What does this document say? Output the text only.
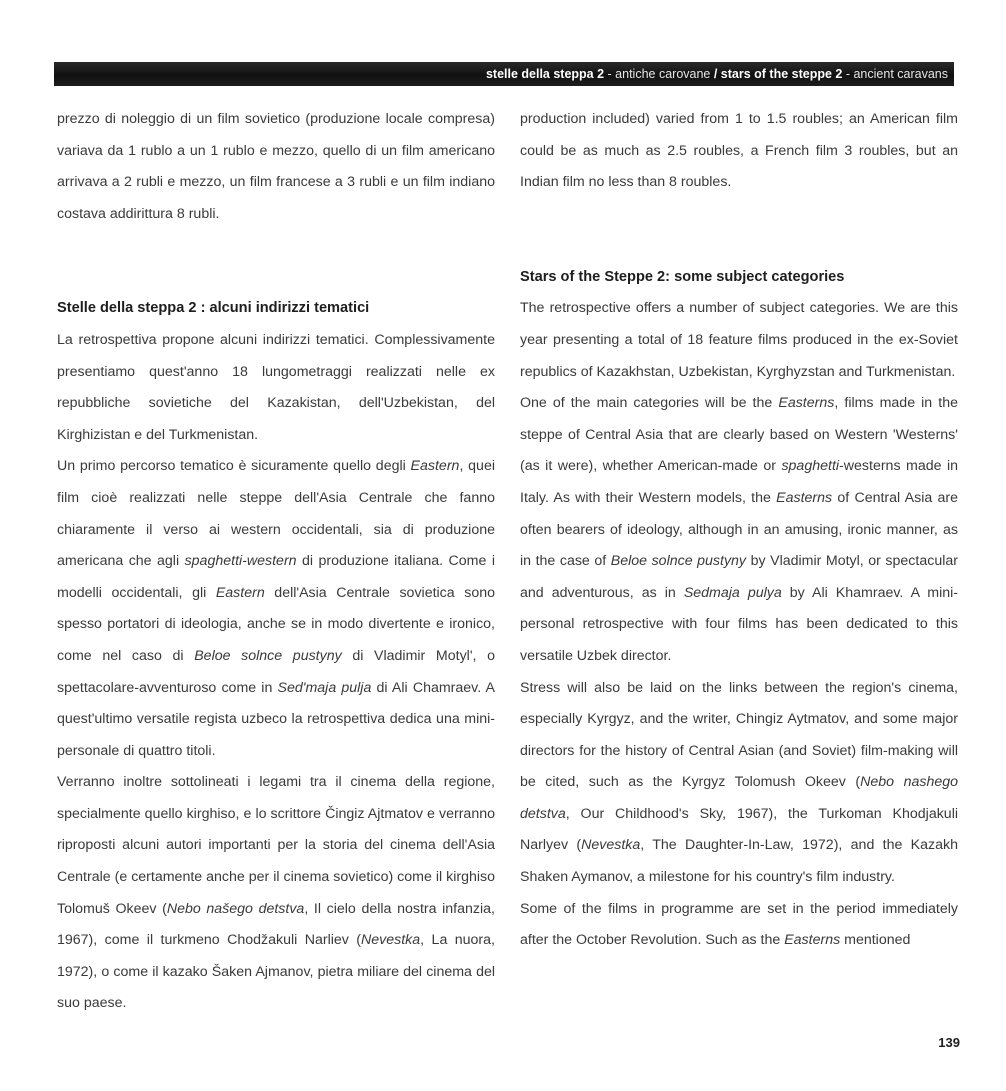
stelle della steppa 2 - antiche carovane / stars of the steppe 2 - ancient caravans

prezzo di noleggio di un film sovietico (produzione locale compresa) variava da 1 rublo a un 1 rublo e mezzo, quello di un film americano arrivava a 2 rubli e mezzo, un film francese a 3 rubli e un film indiano costava addirittura 8 rubli.

Stelle della steppa 2 : alcuni indirizzi tematici

La retrospettiva propone alcuni indirizzi tematici. Complessivamente presentiamo quest'anno 18 lungometraggi realizzati nelle ex repubbliche sovietiche del Kazakistan, dell'Uzbekistan, del Kirghizistan e del Turkmenistan.

Un primo percorso tematico è sicuramente quello degli Eastern, quei film cioè realizzati nelle steppe dell'Asia Centrale che fanno chiaramente il verso ai western occidentali, sia di produzione americana che agli spaghetti-western di produzione italiana. Come i modelli occidentali, gli Eastern dell'Asia Centrale sovietica sono spesso portatori di ideologia, anche se in modo divertente e ironico, come nel caso di Beloe solnce pustyny di Vladimir Motyl', o spettacolare-avventuroso come in Sed'maja pulja di Ali Chamraev. A quest'ultimo versatile regista uzbeco la retrospettiva dedica una mini-personale di quattro titoli.

Verranno inoltre sottolineati i legami tra il cinema della regione, specialmente quello kirghiso, e lo scrittore Čingiz Ajtmatov e verranno riproposti alcuni autori importanti per la storia del cinema dell'Asia Centrale (e certamente anche per il cinema sovietico) come il kirghiso Tolomuš Okeev (Nebo našego detstva, Il cielo della nostra infanzia, 1967), come il turkmeno Chodžakuli Narliev (Nevestka, La nuora, 1972), o come il kazako Šaken Ajmanov, pietra miliare del cinema del suo paese.

production included) varied from 1 to 1.5 roubles; an American film could be as much as 2.5 roubles, a French film 3 roubles, but an Indian film no less than 8 roubles.

Stars of the Steppe 2: some subject categories

The retrospective offers a number of subject categories. We are this year presenting a total of 18 feature films produced in the ex-Soviet republics of Kazakhstan, Uzbekistan, Kyrghyzstan and Turkmenistan.

One of the main categories will be the Easterns, films made in the steppe of Central Asia that are clearly based on Western 'Westerns' (as it were), whether American-made or spaghetti-westerns made in Italy. As with their Western models, the Easterns of Central Asia are often bearers of ideology, although in an amusing, ironic manner, as in the case of Beloe solnce pustyny by Vladimir Motyl, or spectacular and adventurous, as in Sedmaja pulya by Ali Khamraev. A mini-personal retrospective with four films has been dedicated to this versatile Uzbek director.

Stress will also be laid on the links between the region's cinema, especially Kyrgyz, and the writer, Chingiz Aytmatov, and some major directors for the history of Central Asian (and Soviet) film-making will be cited, such as the Kyrgyz Tolomush Okeev (Nebo nashego detstva, Our Childhood's Sky, 1967), the Turkoman Khodjakuli Narlyev (Nevestka, The Daughter-In-Law, 1972), and the Kazakh Shaken Aymanov, a milestone for his country's film industry.

Some of the films in programme are set in the period immediately after the October Revolution. Such as the Easterns mentioned

139
